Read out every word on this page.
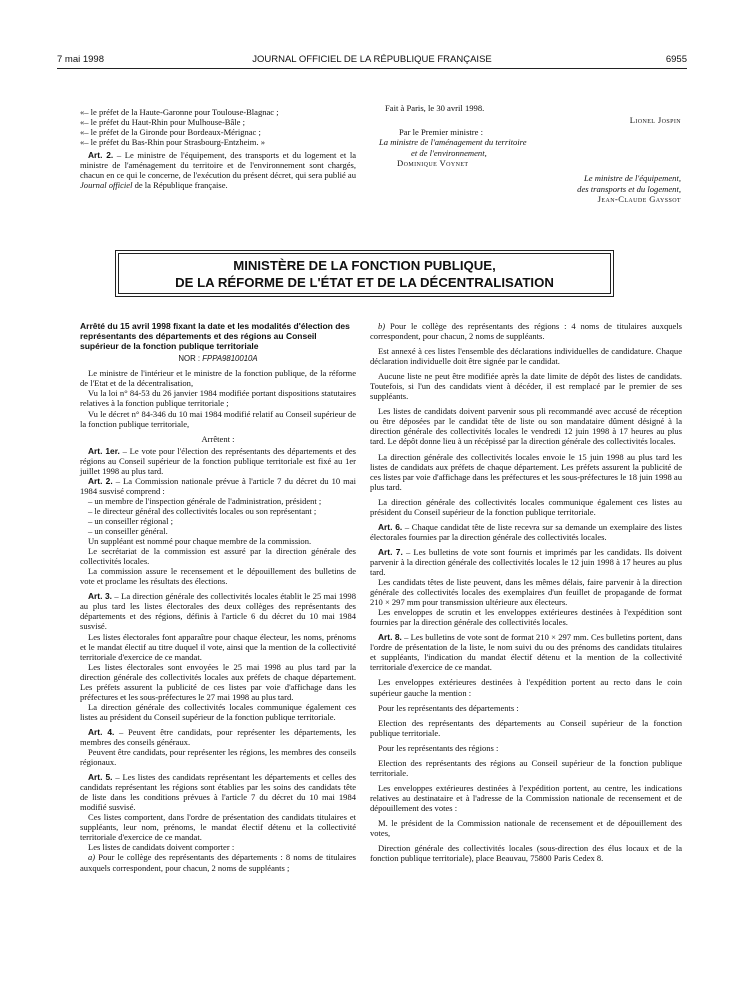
7 mai 1998	JOURNAL OFFICIEL DE LA RÉPUBLIQUE FRANÇAISE	6955

«– le préfet de la Haute-Garonne pour Toulouse-Blagnac ;

«– le préfet du Haut-Rhin pour Mulhouse-Bâle ;

«– le préfet de la Gironde pour Bordeaux-Mérignac ;

«– le préfet du Bas-Rhin pour Strasbourg-Entzheim. »

Art. 2. – Le ministre de l'équipement, des transports et du logement et la ministre de l'aménagement du territoire et de l'environnement sont chargés, chacun en ce qui le concerne, de l'exécution du présent décret, qui sera publié au Journal officiel de la République française.

Fait à Paris, le 30 avril 1998.
Lionel Jospin
Par le Premier ministre :
La ministre de l'aménagement du territoire
et de l'environnement,
Dominique Voynet
Le ministre de l'équipement,
des transports et du logement,
Jean-Claude Gayssot
MINISTÈRE DE LA FONCTION PUBLIQUE,
DE LA RÉFORME DE L'ÉTAT ET DE LA DÉCENTRALISATION
Arrêté du 15 avril 1998 fixant la date et les modalités d'élection des représentants des départements et des régions au Conseil supérieur de la fonction publique territoriale
NOR : FPPA9810010A

Le ministre de l'intérieur et le ministre de la fonction publique, de la réforme de l'Etat et de la décentralisation,

Vu la loi n° 84-53 du 26 janvier 1984 modifiée portant dispositions statutaires relatives à la fonction publique territoriale ;

Vu le décret n° 84-346 du 10 mai 1984 modifié relatif au Conseil supérieur de la fonction publique territoriale,

Arrêtent :

Art. 1er. – Le vote pour l'élection des représentants des départements et des régions au Conseil supérieur de la fonction publique territoriale est fixé au 1er juillet 1998 au plus tard.

Art. 2. – La Commission nationale prévue à l'article 7 du décret du 10 mai 1984 susvisé comprend :

– un membre de l'inspection générale de l'administration, président ;

– le directeur général des collectivités locales ou son représentant ;

– un conseiller régional ;

– un conseiller général.

Un suppléant est nommé pour chaque membre de la commission.

Le secrétariat de la commission est assuré par la direction générale des collectivités locales.

La commission assure le recensement et le dépouillement des bulletins de vote et proclame les résultats des élections.

Art. 3. – La direction générale des collectivités locales établit le 25 mai 1998 au plus tard les listes électorales des deux collèges des représentants des départements et des régions, définis à l'article 6 du décret du 10 mai 1984 susvisé.

Les listes électorales font apparaître pour chaque électeur, les noms, prénoms et le mandat électif au titre duquel il vote, ainsi que la mention de la collectivité territoriale d'exercice de ce mandat.

Les listes électorales sont envoyées le 25 mai 1998 au plus tard par la direction générale des collectivités locales aux préfets de chaque département. Les préfets assurent la publicité de ces listes par voie d'affichage dans les préfectures et les sous-préfectures le 27 mai 1998 au plus tard.

La direction générale des collectivités locales communique également ces listes au président du Conseil supérieur de la fonction publique territoriale.

Art. 4. – Peuvent être candidats, pour représenter les départements, les membres des conseils généraux.

Peuvent être candidats, pour représenter les régions, les membres des conseils régionaux.

Art. 5. – Les listes des candidats représentant les départements et celles des candidats représentant les régions sont établies par les soins des candidats tête de liste dans les conditions prévues à l'article 7 du décret du 10 mai 1984 modifié susvisé.

Ces listes comportent, dans l'ordre de présentation des candidats titulaires et suppléants, leur nom, prénoms, le mandat électif détenu et la collectivité territoriale d'exercice de ce mandat.

Les listes de candidats doivent comporter :

a) Pour le collège des représentants des départements : 8 noms de titulaires auxquels correspondent, pour chacun, 2 noms de suppléants ;

b) Pour le collège des représentants des régions : 4 noms de titulaires auxquels correspondent, pour chacun, 2 noms de suppléants.

Est annexé à ces listes l'ensemble des déclarations individuelles de candidature. Chaque déclaration individuelle doit être signée par le candidat.

Aucune liste ne peut être modifiée après la date limite de dépôt des listes de candidats. Toutefois, si l'un des candidats vient à décéder, il est remplacé par le premier de ses suppléants.

Les listes de candidats doivent parvenir sous pli recommandé avec accusé de réception ou être déposées par le candidat tête de liste ou son mandataire dûment désigné à la direction générale des collectivités locales le vendredi 12 juin 1998 à 17 heures au plus tard. Le dépôt donne lieu à un récépissé par la direction générale des collectivités locales.

La direction générale des collectivités locales envoie le 15 juin 1998 au plus tard les listes de candidats aux préfets de chaque département. Les préfets assurent la publicité de ces listes par voie d'affichage dans les préfectures et les sous-préfectures le 18 juin 1998 au plus tard.

La direction générale des collectivités locales communique également ces listes au président du Conseil supérieur de la fonction publique territoriale.

Art. 6. – Chaque candidat tête de liste recevra sur sa demande un exemplaire des listes électorales fournies par la direction générale des collectivités locales.

Art. 7. – Les bulletins de vote sont fournis et imprimés par les candidats. Ils doivent parvenir à la direction générale des collectivités locales le 12 juin 1998 à 17 heures au plus tard.

Les candidats têtes de liste peuvent, dans les mêmes délais, faire parvenir à la direction générale des collectivités locales des exemplaires d'un feuillet de propagande de format 210 × 297 mm pour transmission ultérieure aux électeurs.

Les enveloppes de scrutin et les enveloppes extérieures destinées à l'expédition sont fournies par la direction générale des collectivités locales.

Art. 8. – Les bulletins de vote sont de format 210 × 297 mm. Ces bulletins portent, dans l'ordre de présentation de la liste, le nom suivi du ou des prénoms des candidats titulaires et suppléants, l'indication du mandat électif détenu et la mention de la collectivité territoriale d'exercice de ce mandat.

Les enveloppes extérieures destinées à l'expédition portent au recto dans le coin supérieur gauche la mention :

Pour les représentants des départements :

Election des représentants des départements au Conseil supérieur de la fonction publique territoriale.

Pour les représentants des régions :

Election des représentants des régions au Conseil supérieur de la fonction publique territoriale.

Les enveloppes extérieures destinées à l'expédition portent, au centre, les indications relatives au destinataire et à l'adresse de la Commission nationale de recensement et de dépouillement des votes :

M. le président de la Commission nationale de recensement et de dépouillement des votes,

Direction générale des collectivités locales (sous-direction des élus locaux et de la fonction publique territoriale), place Beauvau, 75800 Paris Cedex 8.
